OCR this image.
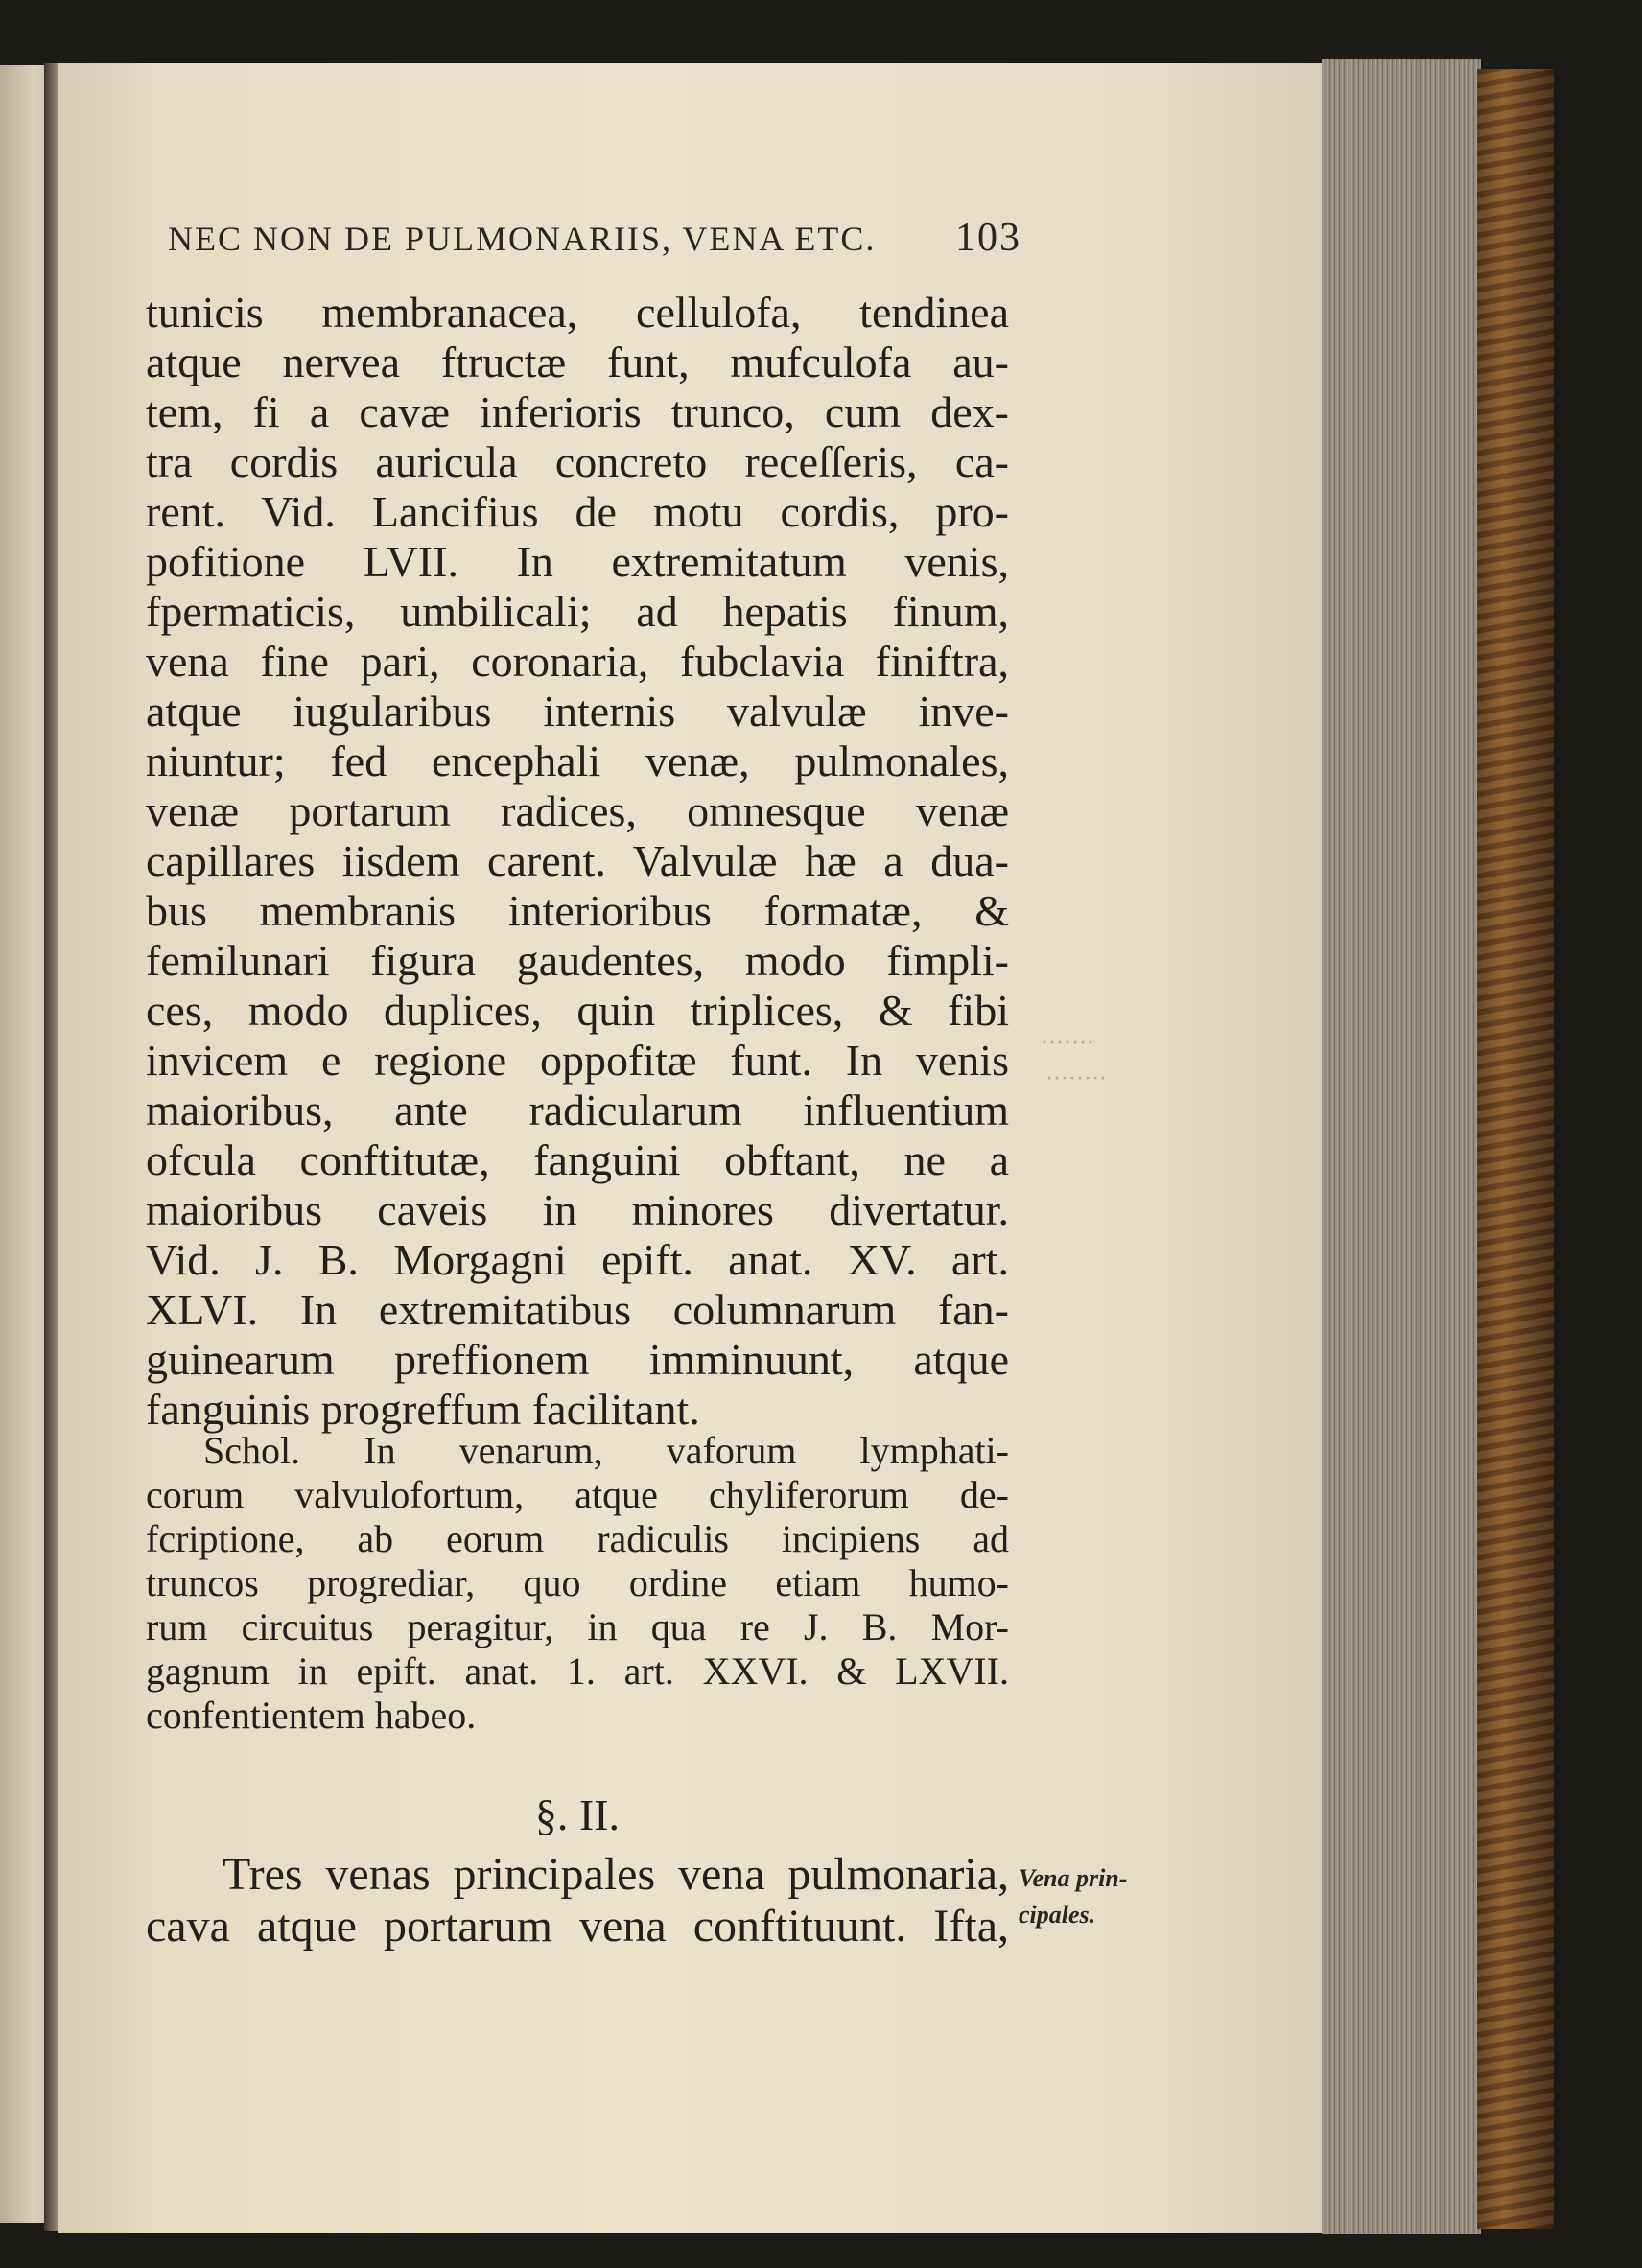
·······
········
NEC NON DE PULMONARIIS, VENA ETC. 103
tunicis membranacea, cellulofa, tendinea
atque nervea ftructæ funt, mufculofa au-
tem, fi a cavæ inferioris trunco, cum dex-
tra cordis auricula concreto receſſeris, ca-
rent. Vid. Lancifius de motu cordis, pro-
pofitione LVII. In extremitatum venis,
fpermaticis, umbilicali; ad hepatis finum,
vena fine pari, coronaria, fubclavia finiftra,
atque iugularibus internis valvulæ inve-
niuntur; fed encephali venæ, pulmonales,
venæ portarum radices, omnesque venæ
capillares iisdem carent. Valvulæ hæ a dua-
bus membranis interioribus formatæ, &
femilunari figura gaudentes, modo fimpli-
ces, modo duplices, quin triplices, & fibi
invicem e regione oppofitæ funt. In venis
maioribus, ante radicularum influentium
ofcula conftitutæ, fanguini obftant, ne a
maioribus caveis in minores divertatur.
Vid. J. B. Morgagni epift. anat. XV. art.
XLVI. In extremitatibus columnarum fan-
guinearum preffionem imminuunt, atque
fanguinis progreffum facilitant.
Schol. In venarum, vaforum lymphati-
corum valvulofortum, atque chyliferorum de-
fcriptione, ab eorum radiculis incipiens ad
truncos progrediar, quo ordine etiam humo-
rum circuitus peragitur, in qua re J. B. Mor-
gagnum in epift. anat. 1. art. XXVI. & LXVII.
confentientem habeo.
§. II.
Tres venas principales vena pulmonaria,
cava atque portarum vena conftituunt. Ifta,
Vena prin-
cipales.
